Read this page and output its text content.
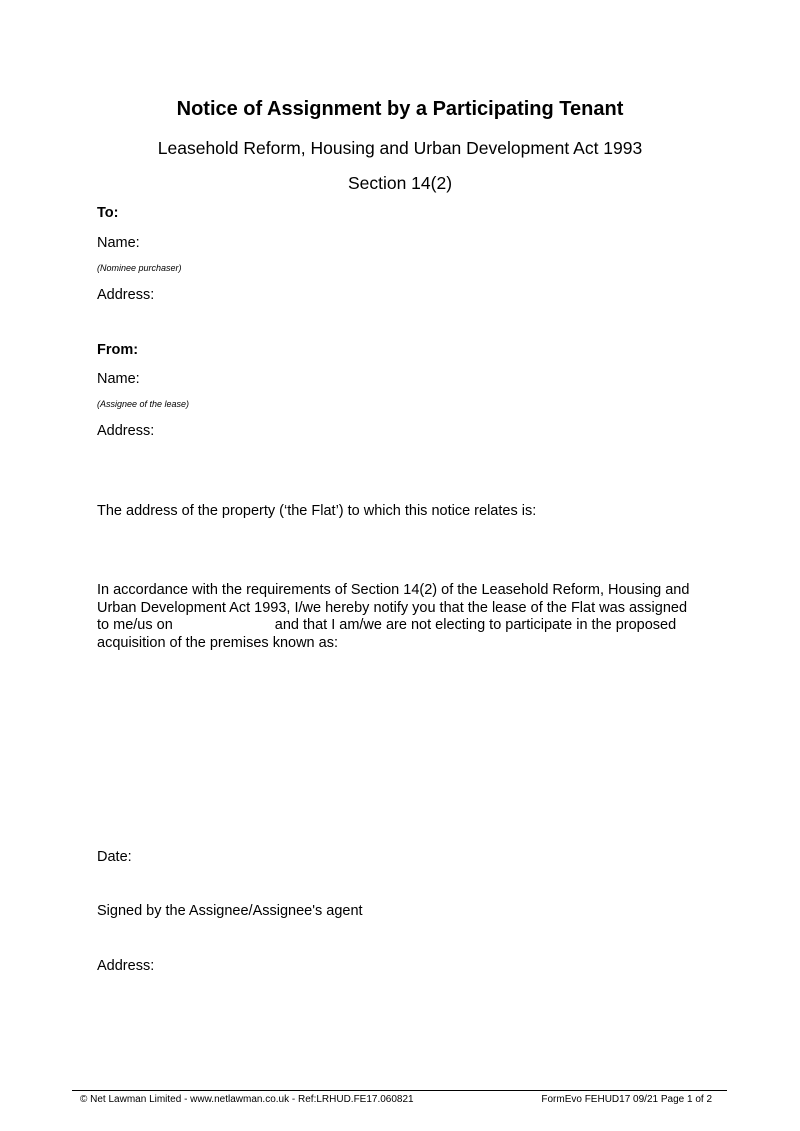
Notice of Assignment by a Participating Tenant
Leasehold Reform, Housing and Urban Development Act 1993
Section 14(2)
To:
Name:
(Nominee purchaser)
Address:
From:
Name:
(Assignee of the lease)
Address:
The address of the property (‘the Flat’) to which this notice relates is:
In accordance with the requirements of Section 14(2) of the Leasehold Reform, Housing and
Urban Development Act 1993, I/we hereby notify you that the lease of the Flat was assigned
to me/us on	and that I am/we are not electing to participate in the proposed
acquisition of the premises known as:
Date:
Signed by the Assignee/Assignee's agent
Address:
© Net Lawman Limited - www.netlawman.co.uk - Ref:LRHUD.FE17.060821	FormEvo FEHUD17 09/21 Page 1 of 2
